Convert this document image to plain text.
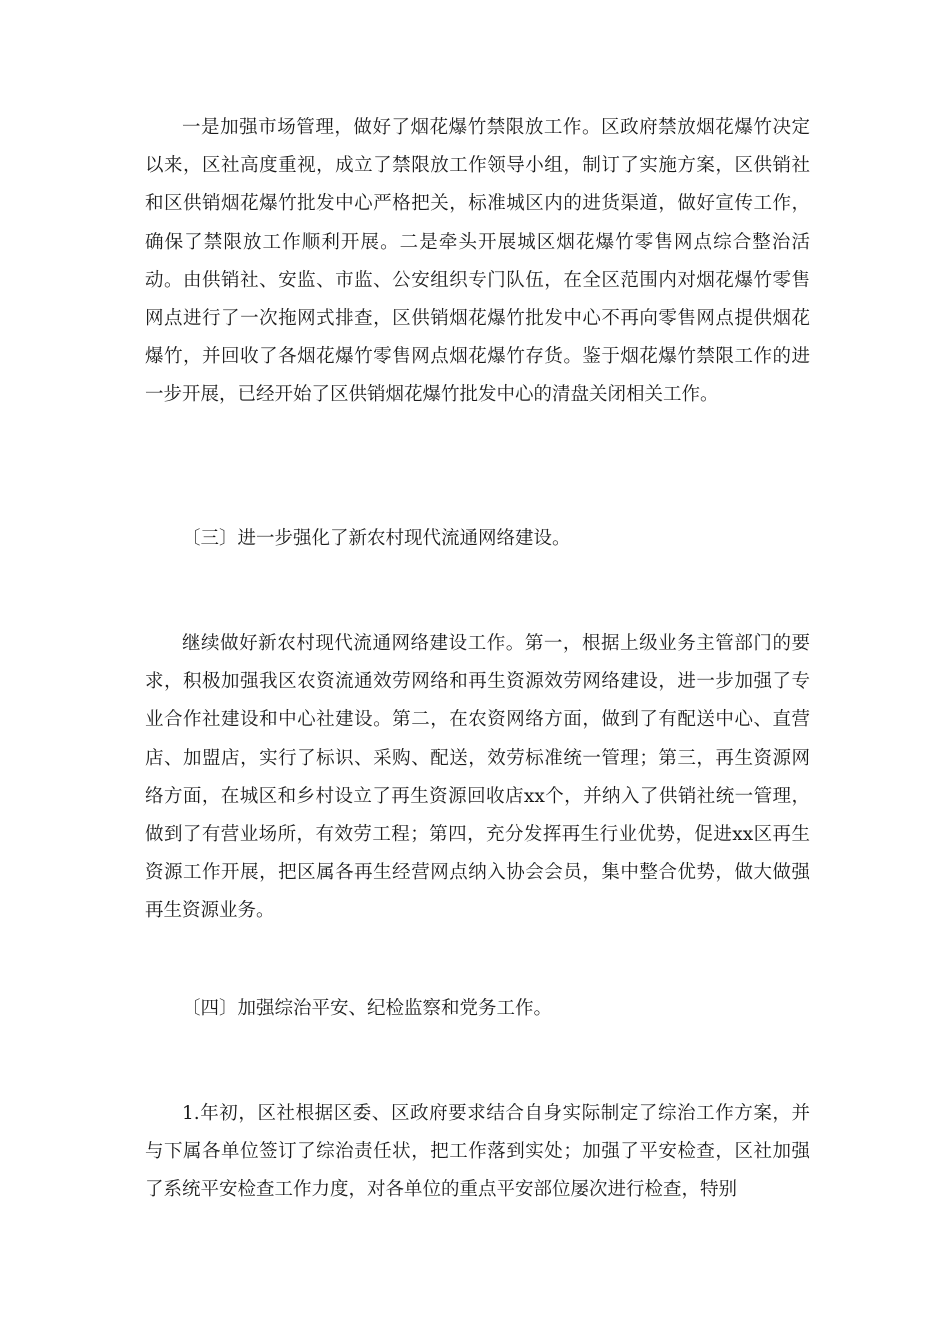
一是加强市场管理，做好了烟花爆竹禁限放工作。区政府禁放烟花爆竹决定以来，区社高度重视，成立了禁限放工作领导小组，制订了实施方案，区供销社和区供销烟花爆竹批发中心严格把关，标准城区内的进货渠道，做好宣传工作，确保了禁限放工作顺利开展。二是牵头开展城区烟花爆竹零售网点综合整治活动。由供销社、安监、市监、公安组织专门队伍，在全区范围内对烟花爆竹零售网点进行了一次拖网式排查，区供销烟花爆竹批发中心不再向零售网点提供烟花爆竹，并回收了各烟花爆竹零售网点烟花爆竹存货。鉴于烟花爆竹禁限工作的进一步开展，已经开始了区供销烟花爆竹批发中心的清盘关闭相关工作。

〔三〕进一步强化了新农村现代流通网络建设。

继续做好新农村现代流通网络建设工作。第一，根据上级业务主管部门的要求，积极加强我区农资流通效劳网络和再生资源效劳网络建设，进一步加强了专业合作社建设和中心社建设。第二，在农资网络方面，做到了有配送中心、直营店、加盟店，实行了标识、采购、配送，效劳标准统一管理；第三，再生资源网络方面，在城区和乡村设立了再生资源回收店xx个，并纳入了供销社统一管理，做到了有营业场所，有效劳工程；第四，充分发挥再生行业优势，促进xx区再生资源工作开展，把区属各再生经营网点纳入协会会员，集中整合优势，做大做强再生资源业务。

〔四〕加强综治平安、纪检监察和党务工作。

1.年初，区社根据区委、区政府要求结合自身实际制定了综治工作方案，并与下属各单位签订了综治责任状，把工作落到实处；加强了平安检查，区社加强了系统平安检查工作力度，对各单位的重点平安部位屡次进行检查，特别
